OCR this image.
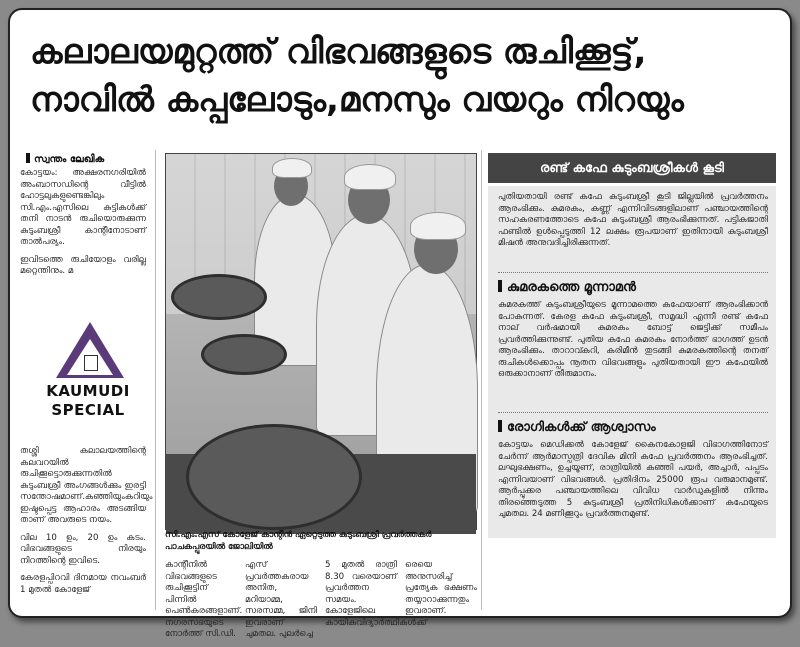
കലാലയമുറ്റത്ത് വിഭവങ്ങളുടെ രുചിക്കൂട്ട്,
നാവിൽ കപ്പലോടും,മനസും വയറും നിറയും
സ്വന്തം ലേഖിക

കോട്ടയം: അക്ഷരനഗരിയിൽ അംബാസഡിന്റെ വീട്ടിൽ ഹോട്ടലുകളുണ്ടെങ്കിലും സി.എം.എസിലെ കുട്ടികൾക്ക് തനി നാടൻ രുചിയൊരുക്കുന്ന കുടുംബശ്രീ കാന്റീനോടാണ് താൽപര്യം.

ഇവിടത്തെ രുചിയോളം വരില്ല മറ്റെന്തിനും. മ

KAUMUDI
SPECIAL

തശ്ശി കലാലയത്തിന്റെ കലവറയിൽ രുചിക്കൂട്ടൊരുക്കുന്നതിൽ കുടുംബശ്രീ അംഗങ്ങൾക്കും ഇരട്ടി സന്തോഷമാണ്.കഞ്ഞിയുംകറിയും ഇഷ്ടപ്പെട്ട ആഹാരം അടങ്ങിയ താണ് അവരുടെ നയം.

വില 10 ഉം, 20 ഉം കടം. വിഭവങ്ങളുടെ നിരയും നിറത്തിന്റെ ഇവിടെ.

കേരളപ്പിറവി ദിനമായ നവംബർ 1 മുതൽ കോളേജ്

സി.എം.എസ് കോളേജ് കാന്റീൻ ഏറ്റെടുത്ത കുടുംബശ്രീ പ്രവർത്തകർ പാചകപ്പുരയിൽ ജോലിയിൽ

കാന്റീനിൽ വിഭവങ്ങളുടെ രുചിക്കൂട്ടിന് പിന്നിൽ പെൺകരങ്ങളാണ്. നഗരസഭയുടെ നോർത്ത് സി.ഡി.

എസ് പ്രവർത്തകരായ അനിത, മറിയാമ്മ, സരസമ്മ, ജിനി ഇവരാണ് ചുമതല. പുലർച്ചെ

5 മുതൽ രാത്രി 8.30 വരെയാണ് പ്രവർത്തന സമയം. കോളേജിലെ കായികവിദ്യാർത്ഥികൾക്ക്

രെയെ അനുസരിച്ച് പ്രത്യേക ഭക്ഷണം തയ്യാറാക്കുന്നതും ഇവരാണ്.

രണ്ട് കഫേ കുടുംബശ്രീകൾ കൂടി

പുതിയതായി രണ്ട് കഫേ കുടുംബശ്രീ കൂടി ജില്ലയിൽ പ്രവർത്തനം ആരംഭിക്കും. കുമരകം, കണ്ണ് എന്നിവിടങ്ങളിലാണ് പഞ്ചായത്തിന്റെ സഹകരണത്തോടെ കഫേ കുടുംബശ്രീ ആരംഭിക്കുന്നത്. പട്ടികജാതി ഫണ്ടിൽ ഉൾപ്പെടുത്തി 12 ലക്ഷം രൂപയാണ് ഇതിനായി കുടുംബശ്രീ മിഷൻ അനുവദിച്ചിരിക്കുന്നത്.

കുമരകത്തെ മൂന്നാമൻ

കുമരകത്ത് കുടുംബശ്രീയുടെ മൂന്നാമത്തെ കഫേയാണ് ആരംഭിക്കാൻ പോകുന്നത്. കേരള കഫേ കുടുംബശ്രീ, സമൃദ്ധി എന്നീ രണ്ട് കഫേ നാല് വർഷമായി കുമരകം ബോട്ട് ജെട്ടിക്ക് സമീപം പ്രവർത്തിക്കുന്നുണ്ട്. പുതിയ കഫേ കുമരകം നോർത്ത് ഭാഗത്ത് ഉടൻ ആരംഭിക്കും. താറാവ്കറി, കരിമീൻ തുടങ്ങി കുമരകത്തിന്റെ തനത് രുചികൾക്കൊപ്പം നൂതന വിഭവങ്ങളും പുതിയതായി ഈ കഫേയിൽ ഒരുക്കാനാണ് തീരുമാനം.

രോഗികൾക്ക് ആശ്വാസം

കോട്ടയം മെഡിക്കൽ കോളേജ് കൈനകോളജി വിഭാഗത്തിനോട് ചേർന്ന് ആർമാസ്പത്രി ദേവിക മിനി കഫേ പ്രവർത്തനം ആരംഭിച്ചത്. ലഘുഭക്ഷണം, ഉച്ചയൂണ്, രാത്രിയിൽ കഞ്ഞി പയർ, അച്ചാർ, പപ്പടം എന്നിവയാണ് വിഭവങ്ങൾ. പ്രതിദിനം 25000 രൂപ വരുമാനമുണ്ട്. ആർപ്പൂക്കര പഞ്ചായത്തിലെ വിവിധ വാർഡുകളിൽ നിന്നും തിരഞ്ഞെടുത്ത 5 കുടുംബശ്രീ പ്രതിനിധികൾക്കാണ് കഫേയുടെ ചുമതല. 24 മണിക്കൂറും പ്രവർത്തനമുണ്ട്.
